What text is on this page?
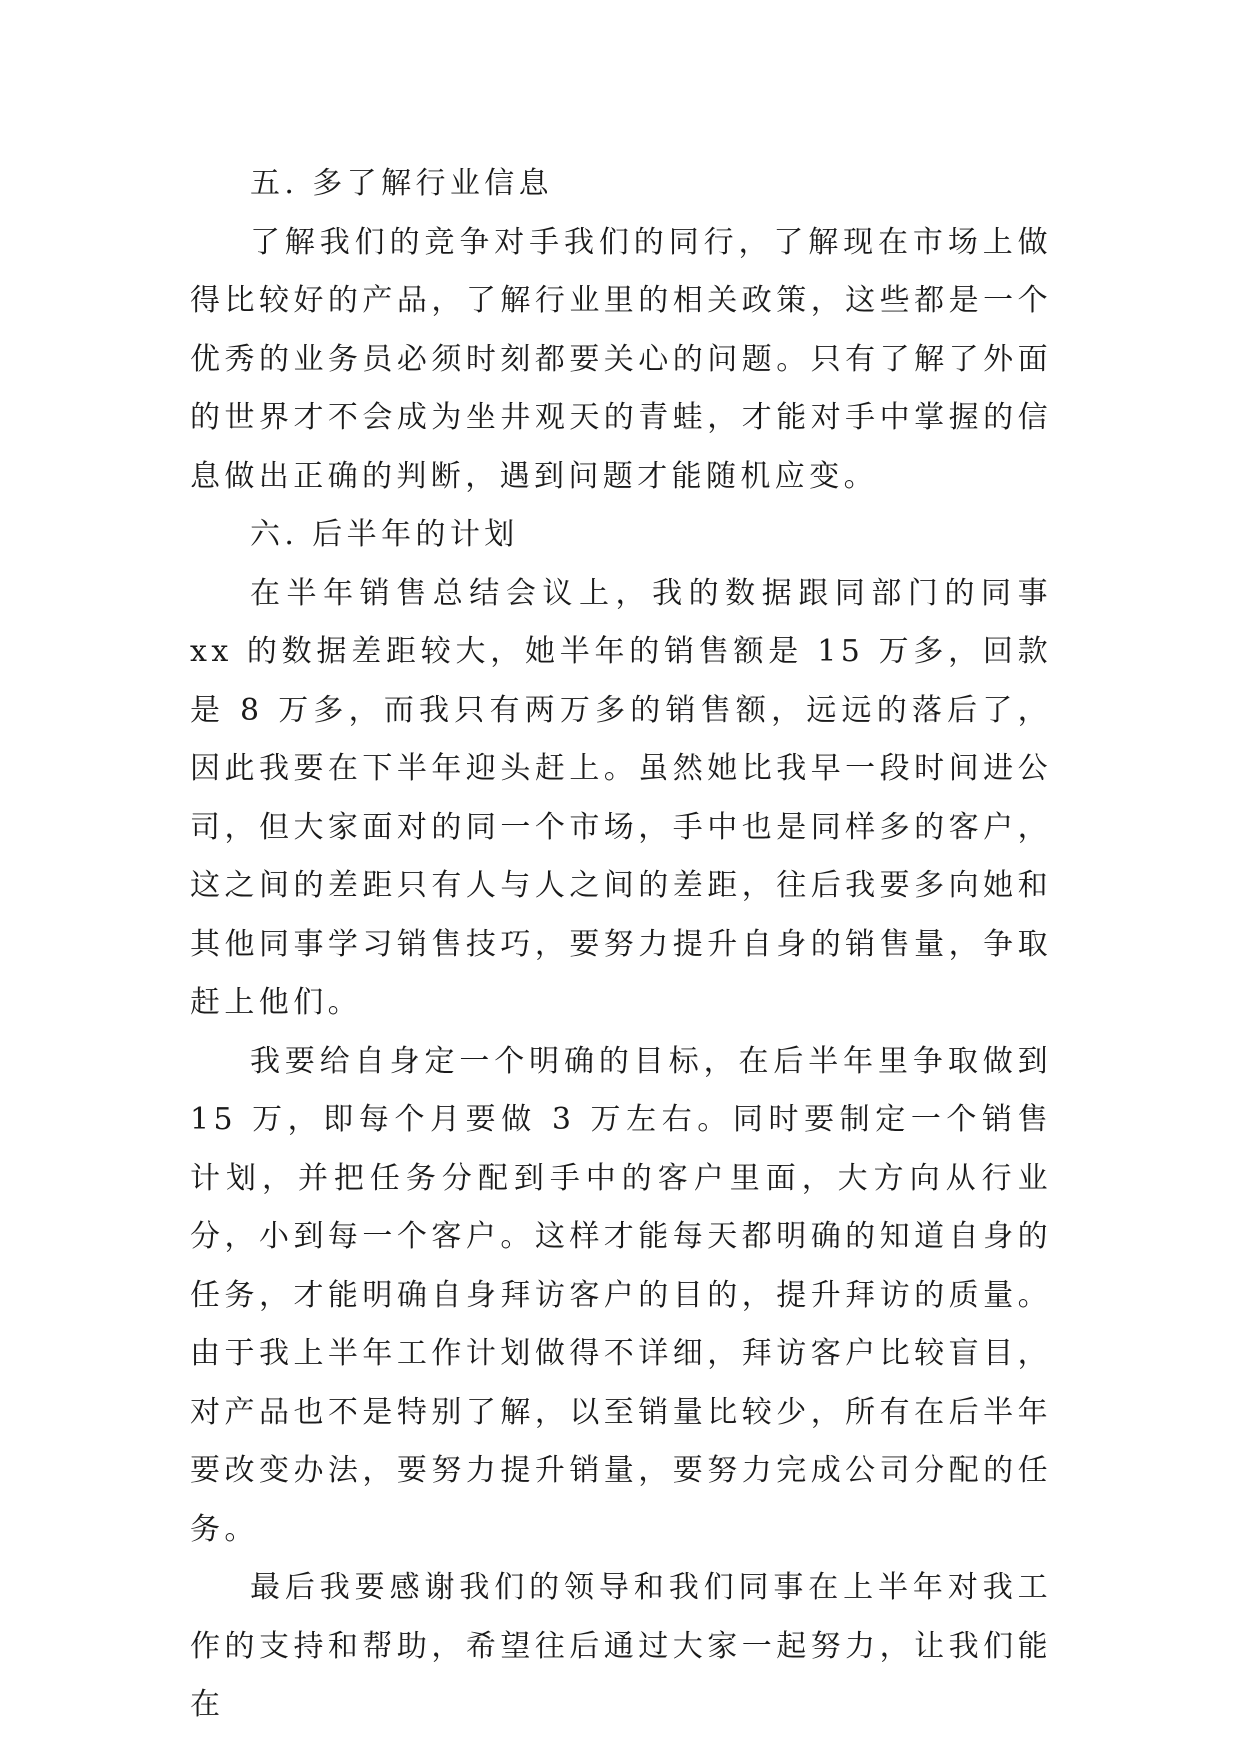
五. 多了解行业信息

了解我们的竞争对手我们的同行，了解现在市场上做得比较好的产品，了解行业里的相关政策，这些都是一个优秀的业务员必须时刻都要关心的问题。只有了解了外面的世界才不会成为坐井观天的青蛙，才能对手中掌握的信息做出正确的判断，遇到问题才能随机应变。

六. 后半年的计划

在半年销售总结会议上，我的数据跟同部门的同事 xx 的数据差距较大，她半年的销售额是 15 万多，回款是 8 万多，而我只有两万多的销售额，远远的落后了，因此我要在下半年迎头赶上。虽然她比我早一段时间进公司，但大家面对的同一个市场，手中也是同样多的客户，这之间的差距只有人与人之间的差距，往后我要多向她和其他同事学习销售技巧，要努力提升自身的销售量，争取赶上他们。

我要给自身定一个明确的目标，在后半年里争取做到 15 万，即每个月要做 3 万左右。同时要制定一个销售计划，并把任务分配到手中的客户里面，大方向从行业分，小到每一个客户。这样才能每天都明确的知道自身的任务，才能明确自身拜访客户的目的，提升拜访的质量。由于我上半年工作计划做得不详细，拜访客户比较盲目，对产品也不是特别了解，以至销量比较少，所有在后半年要改变办法，要努力提升销量，要努力完成公司分配的任务。

最后我要感谢我们的领导和我们同事在上半年对我工作的支持和帮助，希望往后通过大家一起努力，让我们能在
